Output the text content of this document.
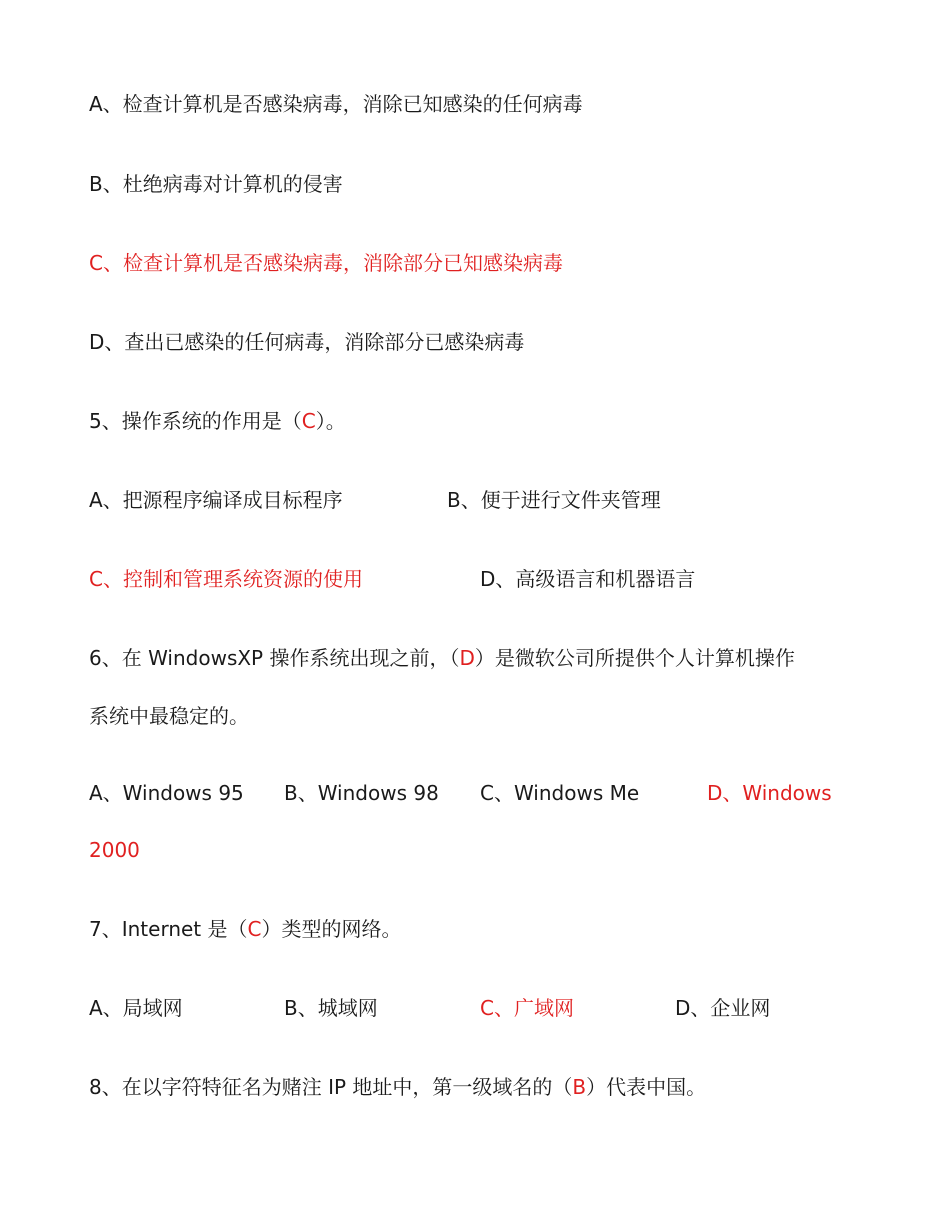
A、检查计算机是否感染病毒，消除已知感染的任何病毒
B、杜绝病毒对计算机的侵害
C、检查计算机是否感染病毒，消除部分已知感染病毒
D、查出已感染的任何病毒，消除部分已感染病毒
5、操作系统的作用是（C）。
A、把源程序编译成目标程序	B、便于进行文件夹管理
C、控制和管理系统资源的使用	D、高级语言和机器语言
6、在 WindowsXP 操作系统出现之前，（D）是微软公司所提供个人计算机操作
系统中最稳定的。
A、Windows 95 B、Windows 98 C、Windows Me	D、Windows
2000
7、Internet 是（C）类型的网络。
A、局域网	B、城域网	C、广域网	D、企业网
8、在以字符特征名为赌注 IP 地址中，第一级域名的（B）代表中国。
